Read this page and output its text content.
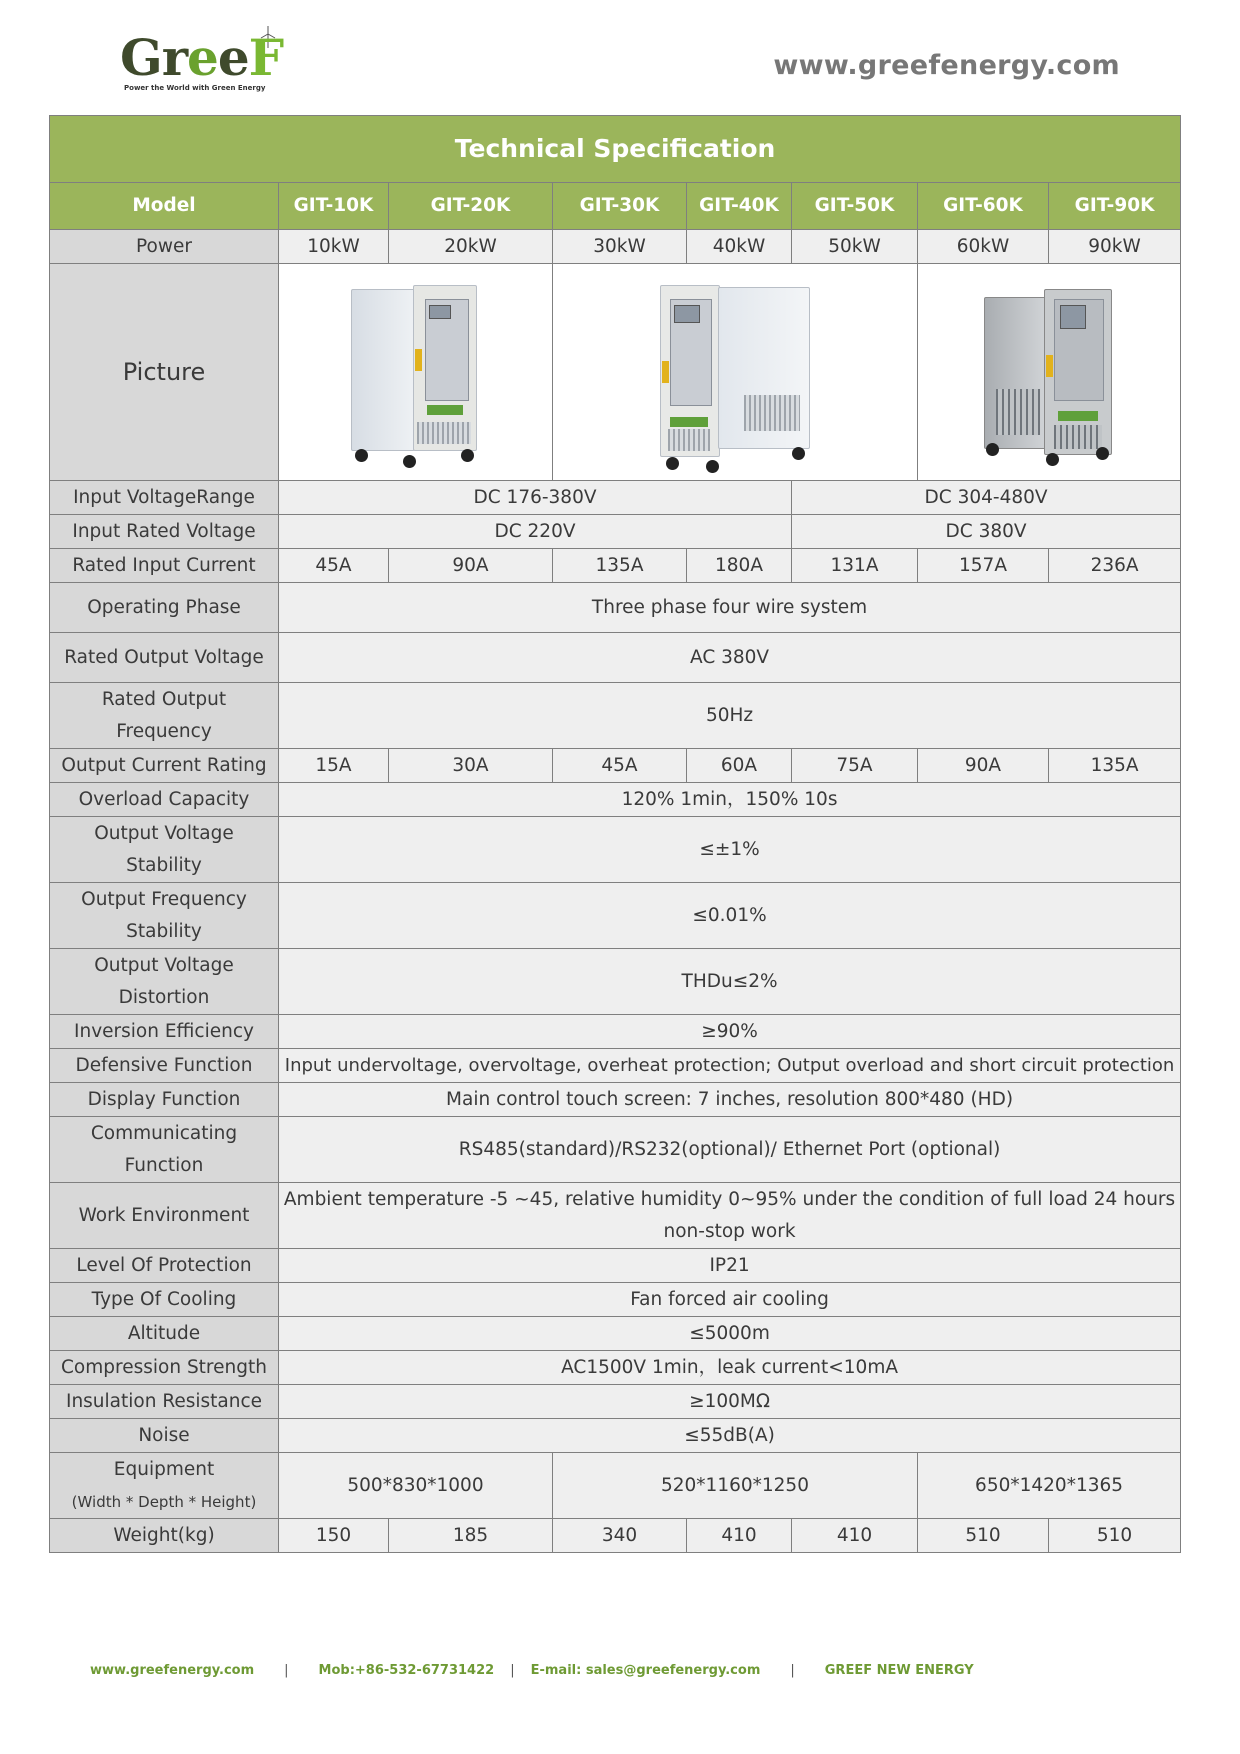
GreeF
Power the World with Green Energy
www.greefenergy.com
Technical Specification							
Model	GIT-10K	GIT-20K	GIT-30K	GIT-40K	GIT-50K	GIT-60K	GIT-90K
Power	10kW	20kW	30kW	40kW	50kW	60kW	90kW
Picture					

Input VoltageRange	DC 176-380V				DC 304-480V		
Input Rated Voltage	DC 220V				DC 380V		
Rated Input Current	45A	90A	135A	180A	131A	157A	236A
Operating Phase	Three phase four wire system						
Rated Output Voltage	AC 380V						
Rated Output
Frequency	50Hz						
Output Current Rating	15A	30A	45A	60A	75A	90A	135A
Overload Capacity	120% 1min，150% 10s						
Output Voltage
Stability	≤±1%						
Output Frequency
Stability	≤0.01%						
Output Voltage
Distortion	THDu≤2%						
Inversion Efficiency	≥90%						
Defensive Function	Input undervoltage, overvoltage, overheat protection; Output overload and short circuit protection						
Display Function	Main control touch screen: 7 inches, resolution 800*480 (HD)						
Communicating
Function	RS485(standard)/RS232(optional)/ Ethernet Port (optional)						
Work Environment	Ambient temperature -5 ~45, relative humidity 0~95% under the condition of full load 24 hours
non-stop work						
Level Of Protection	IP21						
Type Of Cooling	Fan forced air cooling						
Altitude	≤5000m						
Compression Strength	AC1500V 1min，leak current<10mA						
Insulation Resistance	≥100MΩ						
Noise	≤55dB(A)						
Equipment
(Width * Depth * Height)	500*830*1000		520*1160*1250			650*1420*1365	
Weight(kg)	150	185	340	410	410	510	510
www.greefenergy.com | Mob:+86-532-67731422 | E-mail: sales@greefenergy.com | GREEF NEW ENERGY
